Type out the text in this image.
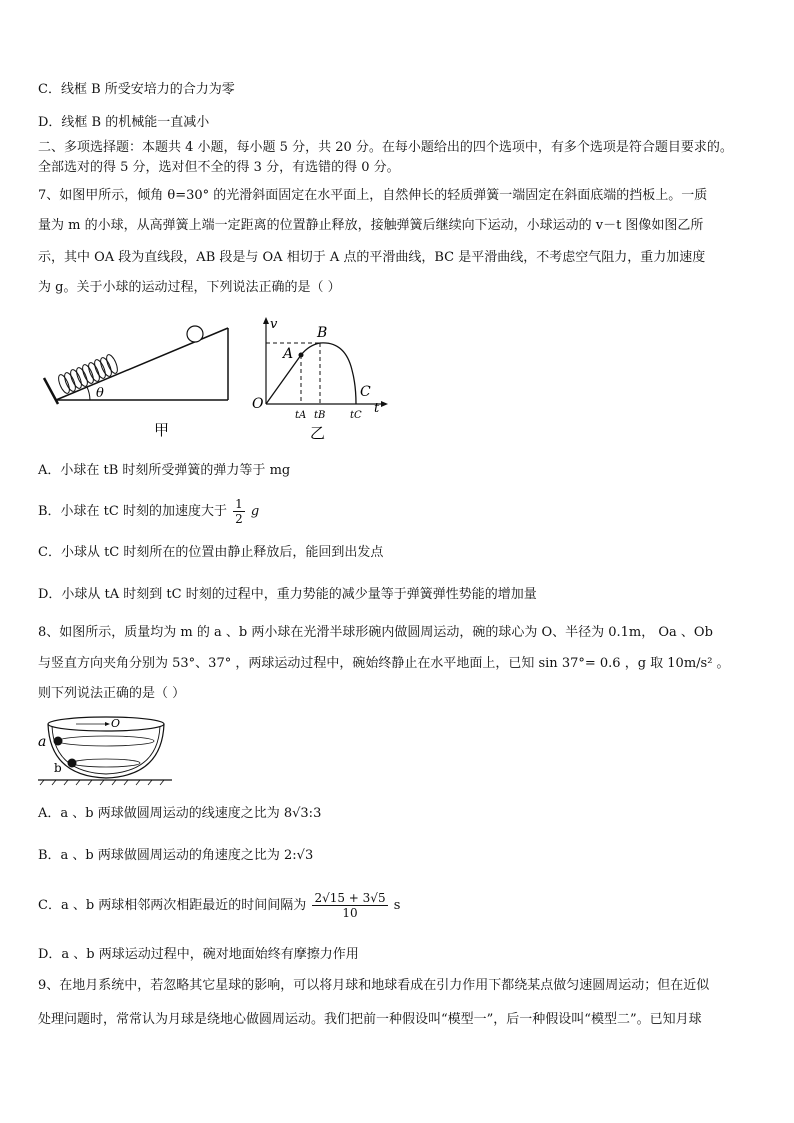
C．线框 B 所受安培力的合力为零
D．线框 B 的机械能一直减小
二、多项选择题：本题共 4 小题，每小题 5 分，共 20 分。在每小题给出的四个选项中，有多个选项是符合题目要求的。
全部选对的得 5 分，选对但不全的得 3 分，有选错的得 0 分。
7、如图甲所示，倾角 θ=30° 的光滑斜面固定在水平面上，自然伸长的轻质弹簧一端固定在斜面底端的挡板上。一质
量为 m 的小球，从高弹簧上端一定距离的位置静止释放，接触弹簧后继续向下运动，小球运动的 v－t 图像如图乙所
示，其中 OA 段为直线段，AB 段是与 OA 相切于 A 点的平滑曲线，BC 是平滑曲线，不考虑空气阻力，重力加速度
为 g。关于小球的运动过程，下列说法正确的是（ ）
θ
甲
v
t
O
A
B
C
tA tB tC
乙
A．小球在 tB 时刻所受弹簧的弹力等于 mg
B．小球在 tC 时刻的加速度大于 $\frac{1}{2}$ g
C．小球从 tC 时刻所在的位置由静止释放后，能回到出发点
D．小球从 tA 时刻到 tC 时刻的过程中，重力势能的减少量等于弹簧弹性势能的增加量
8、如图所示，质量均为 m 的 a 、b 两小球在光滑半球形碗内做圆周运动，碗的球心为 O、半径为 0.1m， Oa 、Ob
与竖直方向夹角分别为 53°、37° ，两球运动过程中，碗始终静止在水平地面上，已知 sin 37°= 0.6 ，g 取 10m/s² 。
则下列说法正确的是（ ）
O
a
b
A．a 、b 两球做圆周运动的线速度之比为 8√3:3
B．a 、b 两球做圆周运动的角速度之比为 2:√3
C．a 、b 两球相邻两次相距最近的时间间隔为 $\frac{2√15 + 3√5}{10}$ s
D．a 、b 两球运动过程中，碗对地面始终有摩擦力作用
9、在地月系统中，若忽略其它星球的影响，可以将月球和地球看成在引力作用下都绕某点做匀速圆周运动；但在近似
处理问题时，常常认为月球是绕地心做圆周运动。我们把前一种假设叫“模型一”，后一种假设叫“模型二”。已知月球
